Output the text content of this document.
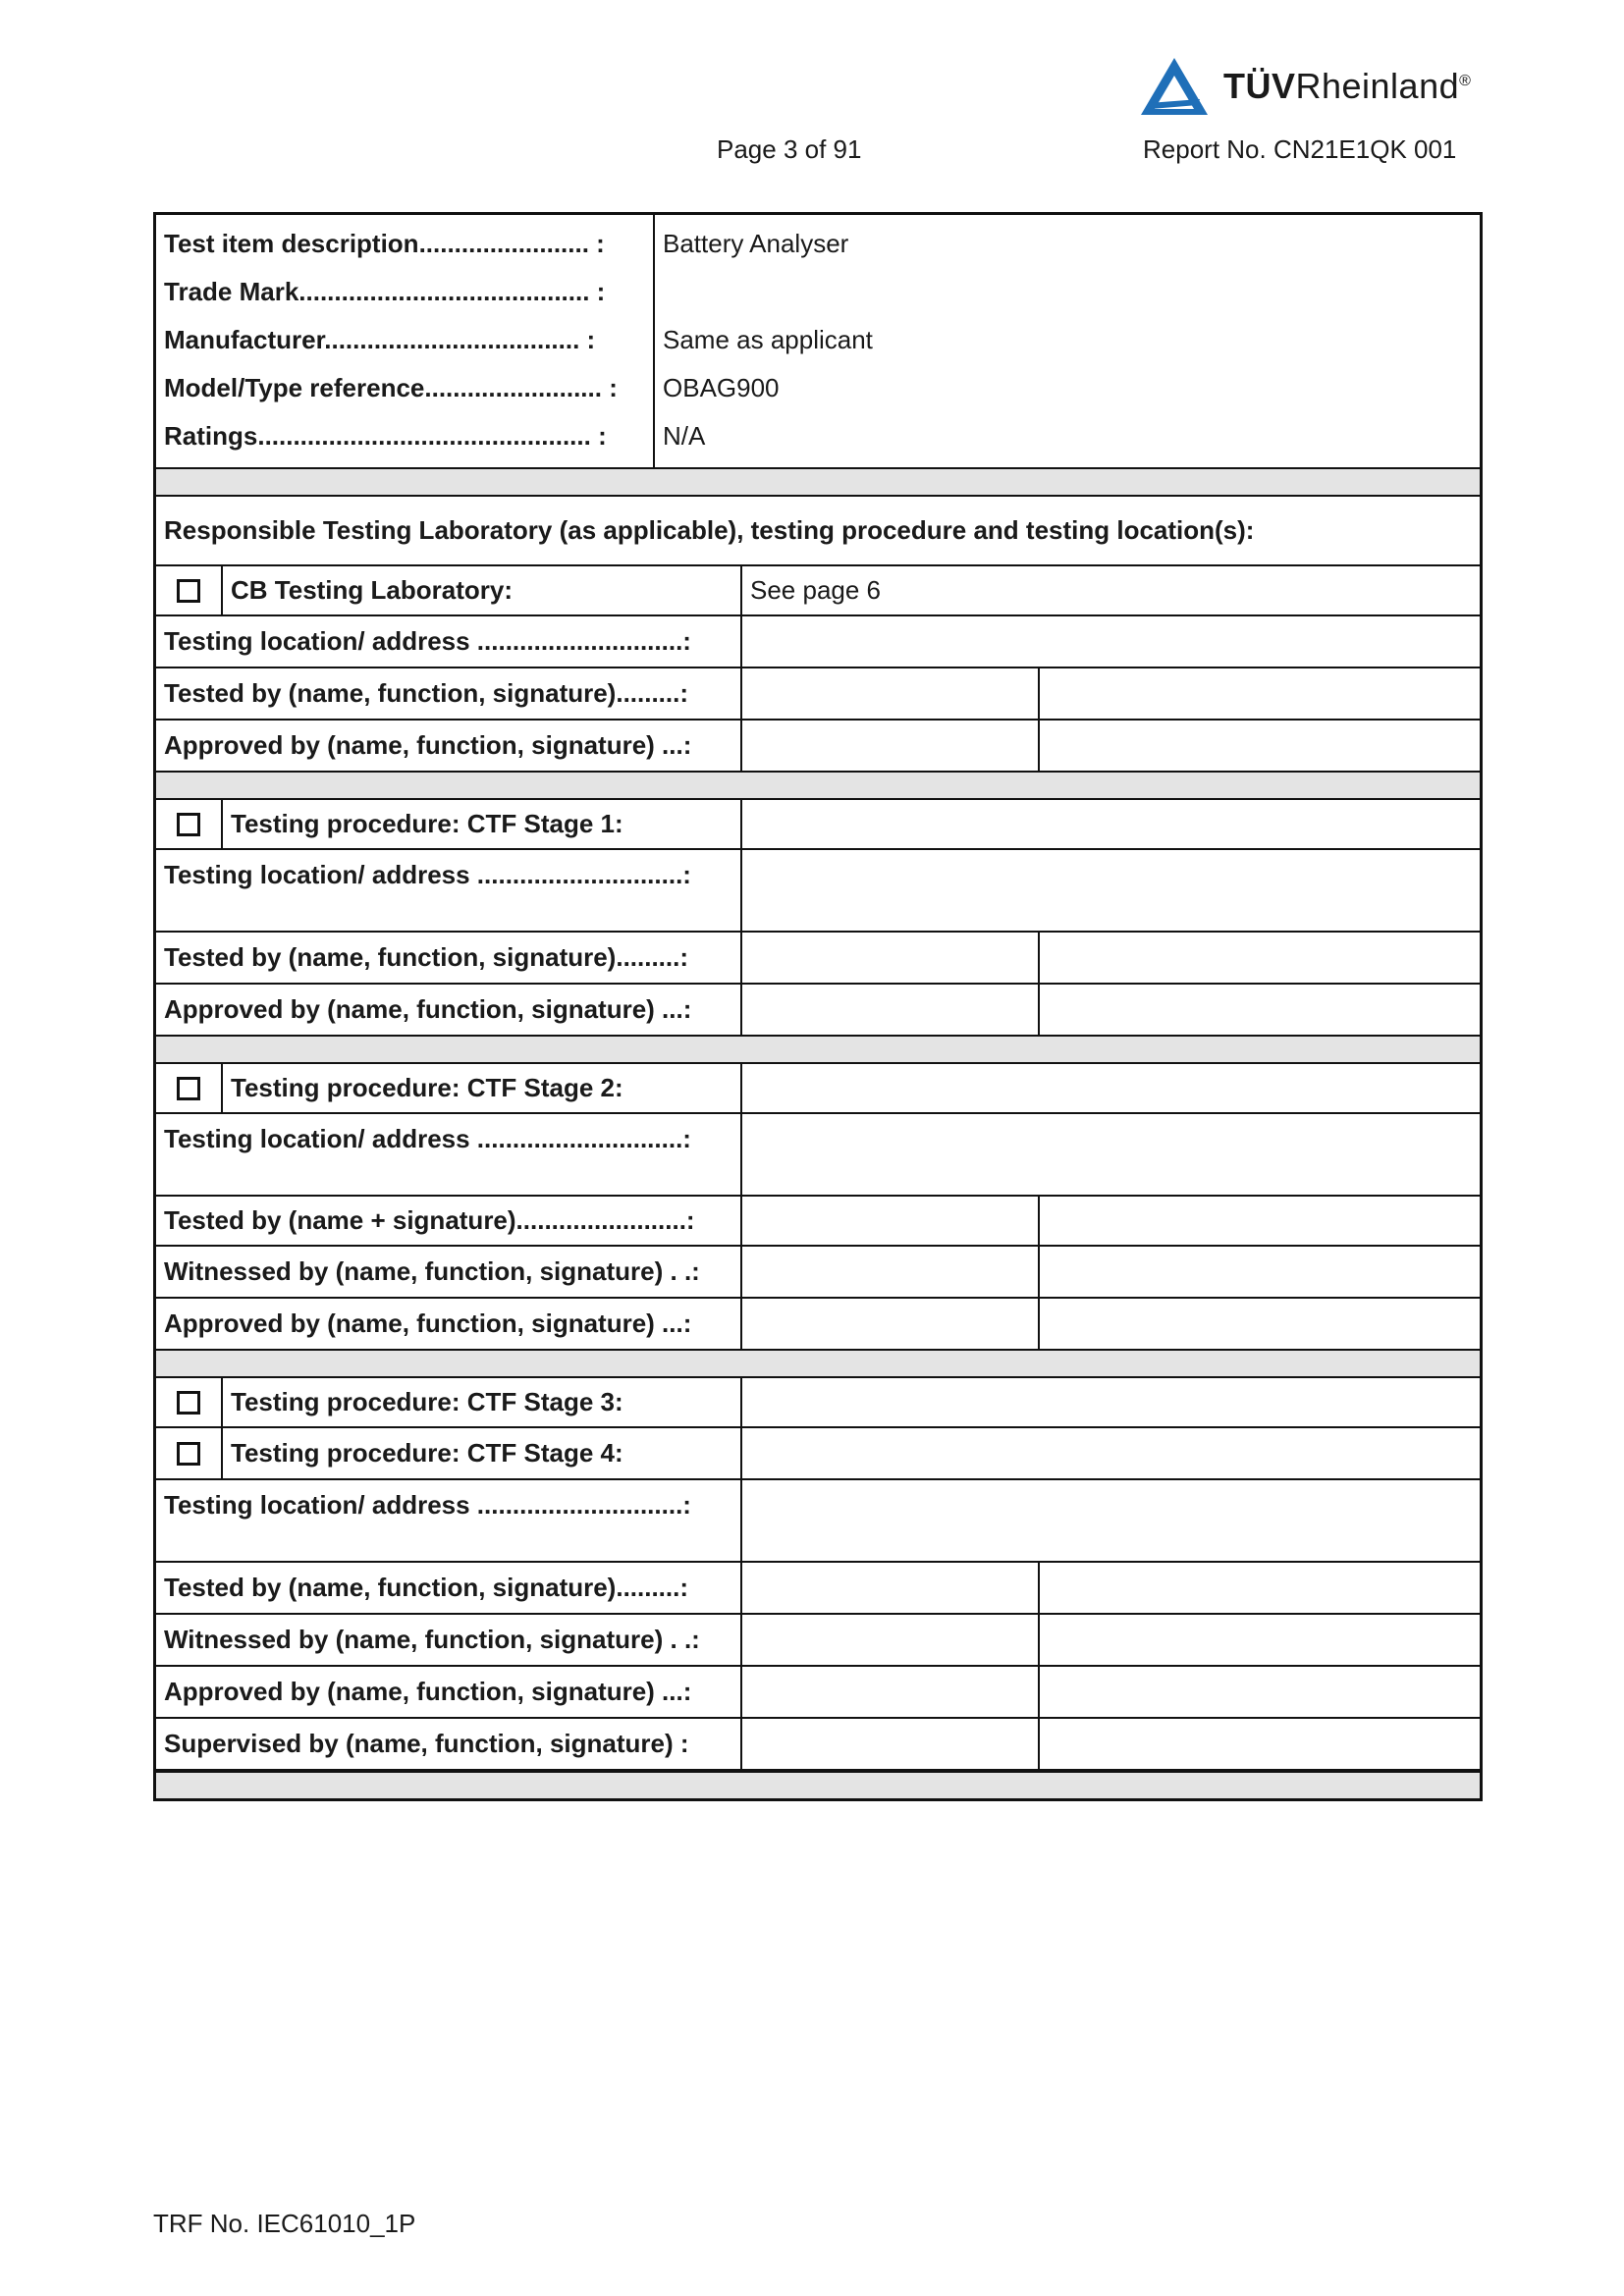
TÜVRheinland®
Page 3 of 91	Report No. CN21E1QK 001
Test item description........................ :
Trade Mark......................................... :
Manufacturer.................................... :
Model/Type reference......................... :
Ratings............................................... :
Battery Analyser
Same as applicant
OBAG900
N/A
Responsible Testing Laboratory (as applicable), testing procedure and testing location(s):
CB Testing Laboratory:	See page 6
Testing location/ address .............................:
Tested by (name, function, signature).........:
Approved by (name, function, signature) ...:
Testing procedure: CTF Stage 1:
Testing location/ address .............................:
Tested by (name, function, signature).........:
Approved by (name, function, signature) ...:
Testing procedure: CTF Stage 2:
Testing location/ address .............................:
Tested by (name + signature)........................:
Witnessed by (name, function, signature) . .:
Approved by (name, function, signature) ...:
Testing procedure: CTF Stage 3:
Testing procedure: CTF Stage 4:
Testing location/ address .............................:
Tested by (name, function, signature).........:
Witnessed by (name, function, signature) . .:
Approved by (name, function, signature) ...:
Supervised by (name, function, signature) :
TRF No. IEC61010_1P
